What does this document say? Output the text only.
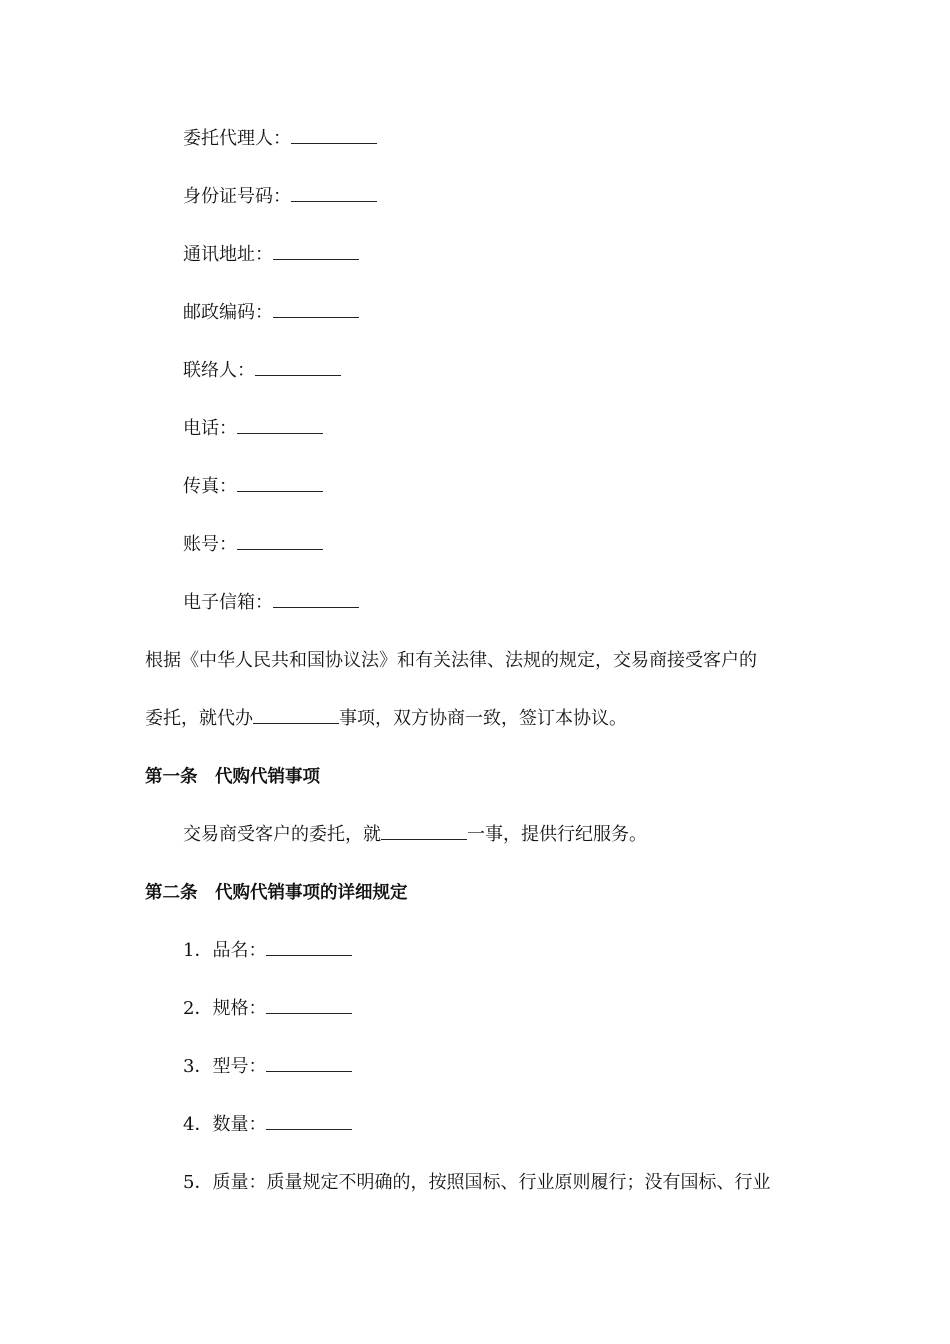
委托代理人：
身份证号码：
通讯地址：
邮政编码：
联络人：
电话：
传真：
账号：
电子信箱：
根据《中华人民共和国协议法》和有关法律、法规的规定，交易商接受客户的
委托，就代办	事项，双方协商一致，签订本协议。
第一条　代购代销事项
交易商受客户的委托，就	一事，提供行纪服务。
第二条　代购代销事项的详细规定
1．品名：
2．规格：
3．型号：
4．数量：
5．质量：质量规定不明确的，按照国标、行业原则履行；没有国标、行业
